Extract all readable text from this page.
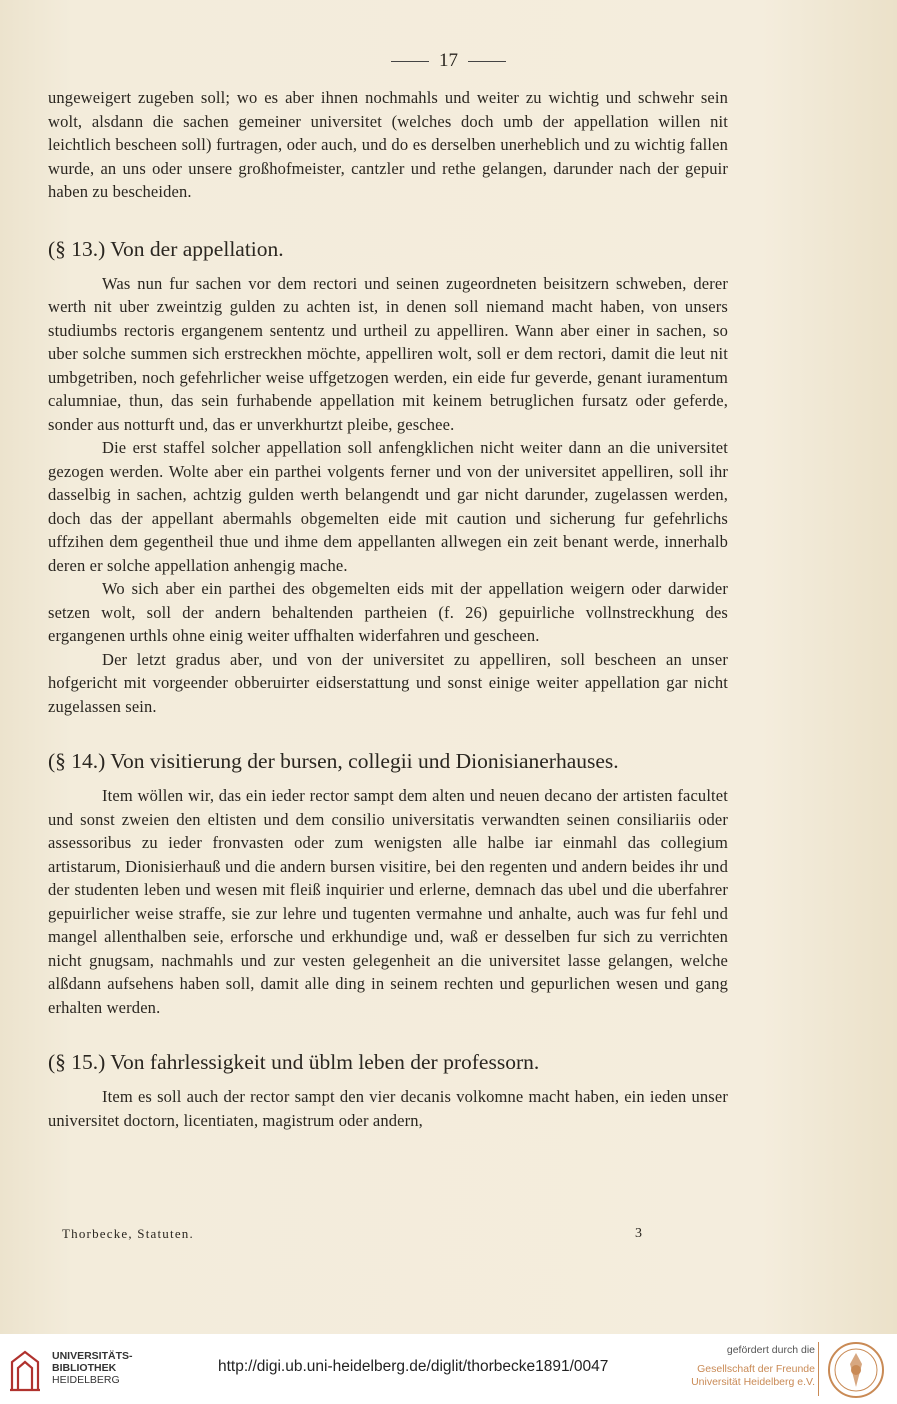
17

ungeweigert zugeben soll; wo es aber ihnen nochmahls und weiter zu wichtig und schwehr sein wolt, alsdann die sachen gemeiner universitet (welches doch umb der appellation willen nit leichtlich bescheen soll) furtragen, oder auch, und do es derselben unerheblich und zu wichtig fallen wurde, an uns oder unsere großhofmeister, cantzler und rethe gelangen, darunder nach der gepuir haben zu bescheiden.

(§ 13.) Von der appellation.

Was nun fur sachen vor dem rectori und seinen zugeordneten beisitzern schweben, derer werth nit uber zweintzig gulden zu achten ist, in denen soll niemand macht haben, von unsers studiumbs rectoris ergangenem sententz und urtheil zu appelliren. Wann aber einer in sachen, so uber solche summen sich erstreckhen möchte, appelliren wolt, soll er dem rectori, damit die leut nit umbgetriben, noch gefehrlicher weise uffgetzogen werden, ein eide fur geverde, genant iuramentum calumniae, thun, das sein furhabende appellation mit keinem betruglichen fursatz oder geferde, sonder aus notturft und, das er unverkhurtzt pleibe, geschee.

Die erst staffel solcher appellation soll anfengklichen nicht weiter dann an die universitet gezogen werden. Wolte aber ein parthei volgents ferner und von der universitet appelliren, soll ihr dasselbig in sachen, achtzig gulden werth belangendt und gar nicht darunder, zugelassen werden, doch das der appellant abermahls obgemelten eide mit caution und sicherung fur gefehrlichs uffzihen dem gegentheil thue und ihme dem appellanten allwegen ein zeit benant werde, innerhalb deren er solche appellation anhengig mache.

Wo sich aber ein parthei des obgemelten eids mit der appellation weigern oder darwider setzen wolt, soll der andern behaltenden partheien (f. 26) gepuirliche vollnstreckhung des ergangenen urthls ohne einig weiter uffhalten widerfahren und gescheen.

Der letzt gradus aber, und von der universitet zu appelliren, soll bescheen an unser hofgericht mit vorgeender obberuirter eidserstattung und sonst einige weiter appellation gar nicht zugelassen sein.

(§ 14.) Von visitierung der bursen, collegii und Dionisianerhauses.

Item wöllen wir, das ein ieder rector sampt dem alten und neuen decano der artisten facultet und sonst zweien den eltisten und dem consilio universitatis verwandten seinen consiliariis oder assessoribus zu ieder fronvasten oder zum wenigsten alle halbe iar einmahl das collegium artistarum, Dionisierhauß und die andern bursen visitire, bei den regenten und andern beides ihr und der studenten leben und wesen mit fleiß inquirier und erlerne, demnach das ubel und die uberfahrer gepuirlicher weise straffe, sie zur lehre und tugenten vermahne und anhalte, auch was fur fehl und mangel allenthalben seie, erforsche und erkhundige und, waß er desselben fur sich zu verrichten nicht gnugsam, nachmahls und zur vesten gelegenheit an die universitet lasse gelangen, welche alßdann aufsehens haben soll, damit alle ding in seinem rechten und gepurlichen wesen und gang erhalten werden.

(§ 15.) Von fahrlessigkeit und üblm leben der professorn.

Item es soll auch der rector sampt den vier decanis volkomne macht haben, ein ieden unser universitet doctorn, licentiaten, magistrum oder andern,

Thorbecke, Statuten.	3
UNIVERSITÄTS-
BIBLIOTHEK
HEIDELBERG
http://digi.ub.uni-heidelberg.de/diglit/thorbecke1891/0047
gefördert durch die
Gesellschaft der Freunde
Universität Heidelberg e.V.
